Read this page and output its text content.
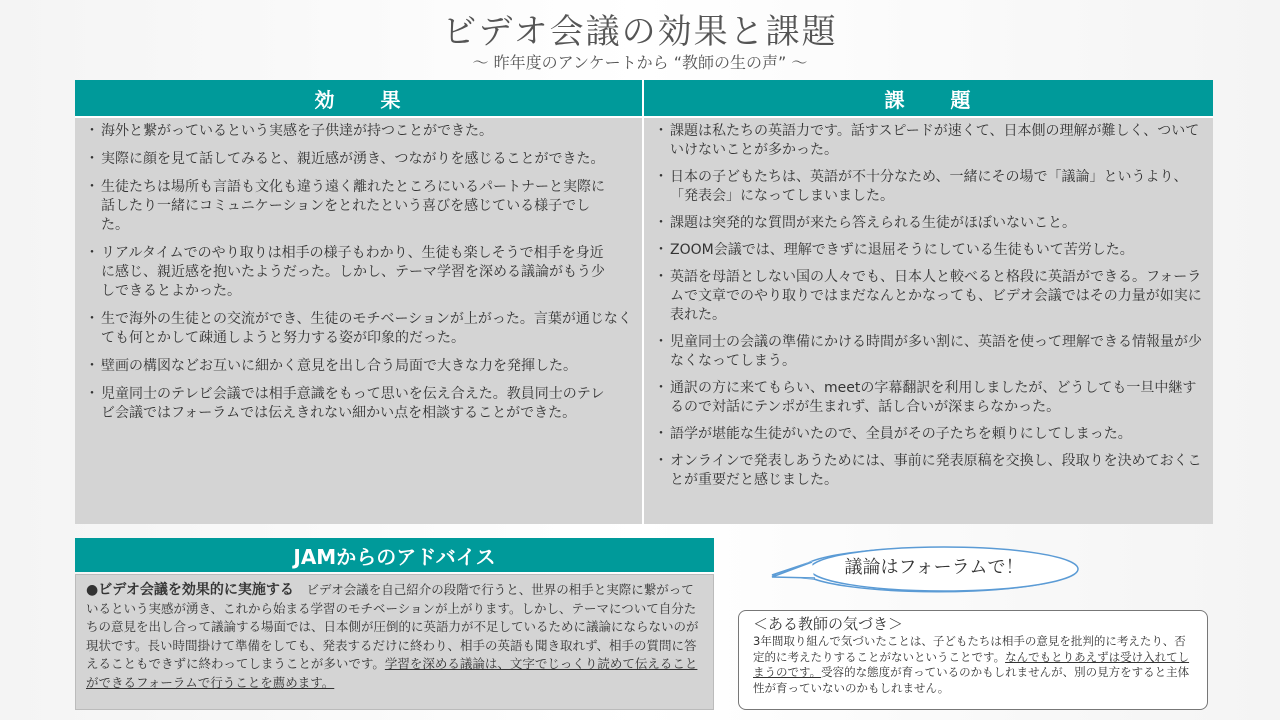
ビデオ会議の効果と課題
～ 昨年度のアンケートから “教師の生の声” ～
効　　果	課　　題
・ 海外と繋がっているという実感を子供達が持つことができた。
・ 実際に顔を見て話してみると、親近感が湧き、つながりを感じることができた。
・ 生徒たちは場所も言語も文化も違う遠く離れたところにいるパートナーと実際に話したり一緒にコミュニケーションをとれたという喜びを感じている様子でした。
・ リアルタイムでのやり取りは相手の様子もわかり、生徒も楽しそうで相手を身近に感じ、親近感を抱いたようだった。しかし、テーマ学習を深める議論がもう少しできるとよかった。
・ 生で海外の生徒との交流ができ、生徒のモチベーションが上がった。言葉が通じなくても何とかして疎通しようと努力する姿が印象的だった。
・ 壁画の構図などお互いに細かく意見を出し合う局面で大きな力を発揮した。
・ 児童同士のテレビ会議では相手意識をもって思いを伝え合えた。教員同士のテレビ会議ではフォーラムでは伝えきれない細かい点を相談することができた。
・ 課題は私たちの英語力です。話すスピードが速くて、日本側の理解が難しく、ついていけないことが多かった。
・ 日本の子どもたちは、英語が不十分なため、一緒にその場で「議論」というより、「発表会」になってしまいました。
・ 課題は突発的な質問が来たら答えられる生徒がほぼいないこと。
・ ZOOM会議では、理解できずに退屈そうにしている生徒もいて苦労した。
・ 英語を母語としない国の人々でも、日本人と較べると格段に英語ができる。フォーラムで文章でのやり取りではまだなんとかなっても、ビデオ会議ではその力量が如実に表れた。
・ 児童同士の会議の準備にかける時間が多い割に、英語を使って理解できる情報量が少なくなってしまう。
・ 通訳の方に来てもらい、meetの字幕翻訳を利用しましたが、どうしても一旦中継するので対話にテンポが生まれず、話し合いが深まらなかった。
・ 語学が堪能な生徒がいたので、全員がその子たちを頼りにしてしまった。
・ オンラインで発表しあうためには、事前に発表原稿を交換し、段取りを決めておくことが重要だと感じました。
JAMからのアドバイス
●ビデオ会議を効果的に実施する　ビデオ会議を自己紹介の段階で行うと、世界の相手と実際に繋がっているという実感が湧き、これから始まる学習のモチベーションが上がります。しかし、テーマについて自分たちの意見を出し合って議論する場面では、日本側が圧倒的に英語力が不足しているために議論にならないのが現状です。長い時間掛けて準備をしても、発表するだけに終わり、相手の英語も聞き取れず、相手の質問に答えることもできずに終わってしまうことが多いです。学習を深める議論は、文字でじっくり読めて伝えることができるフォーラムで行うことを薦めます。
議論はフォーラムで！
＜ある教師の気づき＞
3年間取り組んで気づいたことは、子どもたちは相手の意見を批判的に考えたり、否定的に考えたりすることがないということです。なんでもとりあえずは受け入れてしまうのです。受容的な態度が育っているのかもしれませんが、別の見方をすると主体性が育っていないのかもしれません。
